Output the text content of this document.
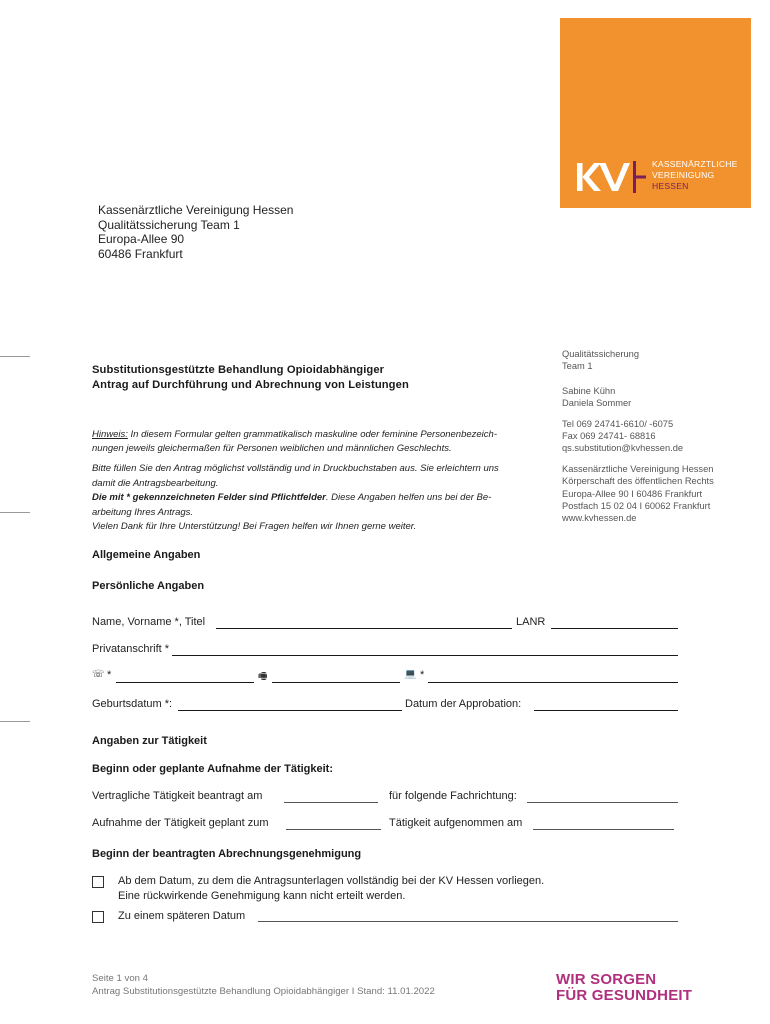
KASSENÄRZTLICHE
VEREINIGUNG
HESSEN
Kassenärztliche Vereinigung Hessen
Qualitätssicherung Team 1
Europa-Allee 90
60486 Frankfurt
Qualitätssicherung
Team 1
Sabine Kühn
Daniela Sommer
Tel 069 24741-6610/ -6075
Fax 069 24741- 68816
qs.substitution@kvhessen.de
Kassenärztliche Vereinigung Hessen
Körperschaft des öffentlichen Rechts
Europa-Allee 90 I 60486 Frankfurt
Postfach 15 02 04 I 60062 Frankfurt
www.kvhessen.de
Substitutionsgestützte Behandlung Opioidabhängiger
Antrag auf Durchführung und Abrechnung von Leistungen
Hinweis: In diesem Formular gelten grammatikalisch maskuline oder feminine Personenbezeich-
nungen jeweils gleichermaßen für Personen weiblichen und männlichen Geschlechts.
Bitte füllen Sie den Antrag möglichst vollständig und in Druckbuchstaben aus. Sie erleichtern uns
damit die Antragsbearbeitung.
Die mit * gekennzeichneten Felder sind Pflichtfelder. Diese Angaben helfen uns bei der Be-
arbeitung Ihres Antrags.
Vielen Dank für Ihre Unterstützung! Bei Fragen helfen wir Ihnen gerne weiter.
Allgemeine Angaben
Persönliche Angaben
Name, Vorname *, Titel	LANR
Privatanschrift *
☏ *	🖷	💻 *
Geburtsdatum *:	Datum der Approbation:
Angaben zur Tätigkeit
Beginn oder geplante Aufnahme der Tätigkeit:
Vertragliche Tätigkeit beantragt am	für folgende Fachrichtung:
Aufnahme der Tätigkeit geplant zum	Tätigkeit aufgenommen am
Beginn der beantragten Abrechnungsgenehmigung
Ab dem Datum, zu dem die Antragsunterlagen vollständig bei der KV Hessen vorliegen.
Eine rückwirkende Genehmigung kann nicht erteilt werden.
Zu einem späteren Datum
Seite 1 von 4
Antrag Substitutionsgestützte Behandlung Opioidabhängiger I Stand: 11.01.2022
WIR SORGEN
FÜR GESUNDHEIT
